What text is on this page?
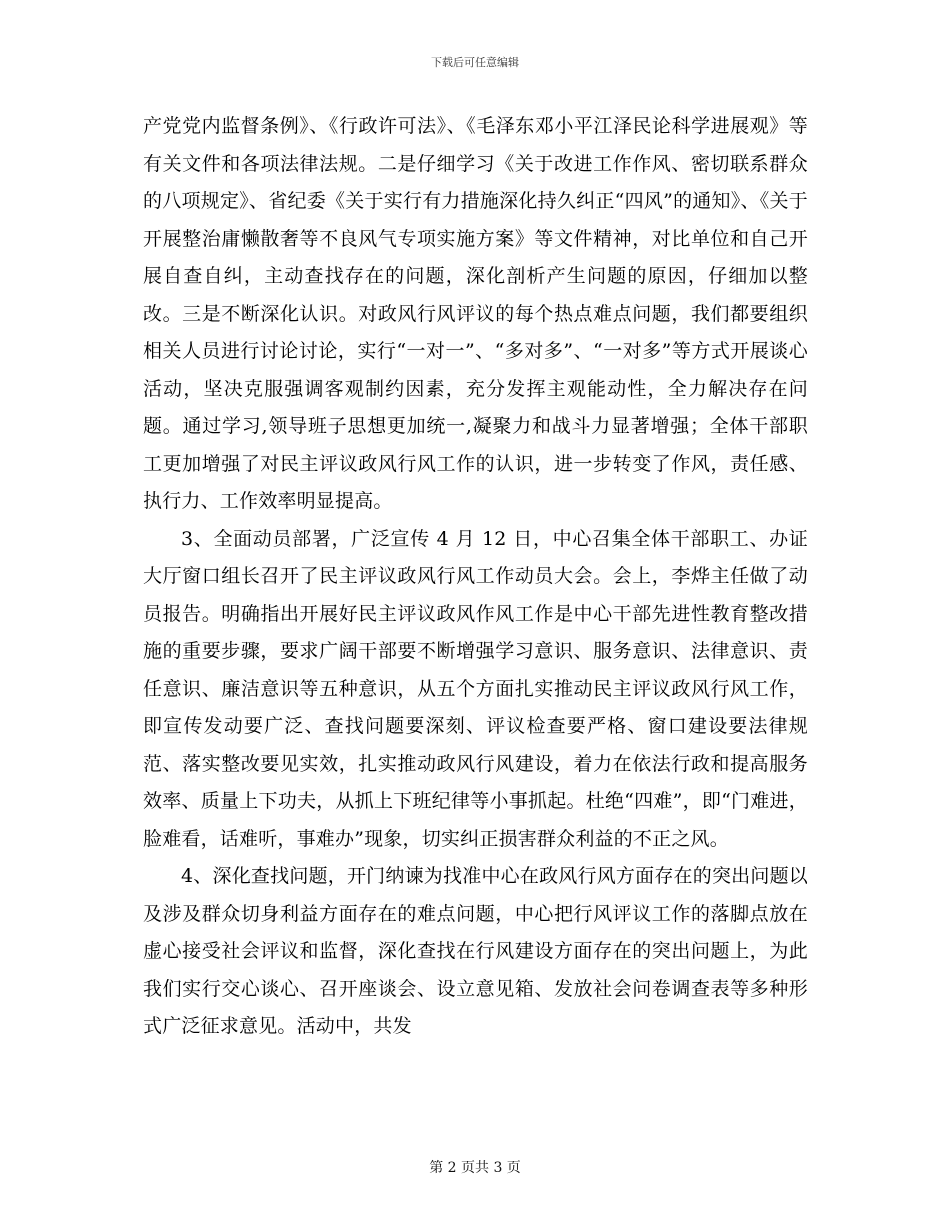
下载后可任意编辑

产党党内监督条例》、《行政许可法》、《毛泽东邓小平江泽民论科学进展观》等有关文件和各项法律法规。二是仔细学习《关于改进工作作风、密切联系群众的八项规定》、省纪委《关于实行有力措施深化持久纠正“四风”的通知》、《关于开展整治庸懒散奢等不良风气专项实施方案》等文件精神，对比单位和自己开展自查自纠，主动查找存在的问题，深化剖析产生问题的原因，仔细加以整改。三是不断深化认识。对政风行风评议的每个热点难点问题，我们都要组织相关人员进行讨论讨论，实行“一对一”、“多对多”、“一对多”等方式开展谈心活动，坚决克服强调客观制约因素，充分发挥主观能动性，全力解决存在问题。通过学习,领导班子思想更加统一,凝聚力和战斗力显著增强；全体干部职工更加增强了对民主评议政风行风工作的认识，进一步转变了作风，责任感、执行力、工作效率明显提高。

3、全面动员部署，广泛宣传 4 月 12 日，中心召集全体干部职工、办证大厅窗口组长召开了民主评议政风行风工作动员大会。会上，李烨主任做了动员报告。明确指出开展好民主评议政风作风工作是中心干部先进性教育整改措施的重要步骤，要求广阔干部要不断增强学习意识、服务意识、法律意识、责任意识、廉洁意识等五种意识，从五个方面扎实推动民主评议政风行风工作，即宣传发动要广泛、查找问题要深刻、评议检查要严格、窗口建设要法律规范、落实整改要见实效，扎实推动政风行风建设，着力在依法行政和提高服务效率、质量上下功夫，从抓上下班纪律等小事抓起。杜绝“四难”，即“门难进，脸难看，话难听，事难办”现象，切实纠正损害群众利益的不正之风。

4、深化查找问题，开门纳谏为找准中心在政风行风方面存在的突出问题以及涉及群众切身利益方面存在的难点问题，中心把行风评议工作的落脚点放在虚心接受社会评议和监督，深化查找在行风建设方面存在的突出问题上，为此我们实行交心谈心、召开座谈会、设立意见箱、发放社会问卷调查表等多种形式广泛征求意见。活动中，共发

第 2 页共 3 页
